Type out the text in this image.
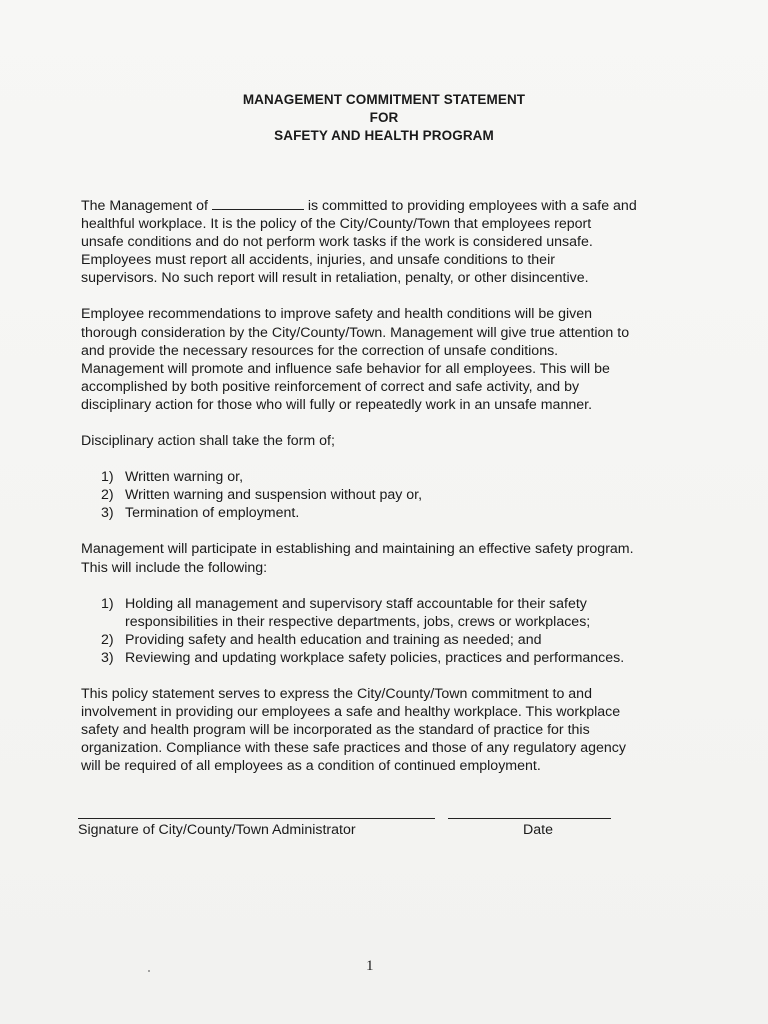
MANAGEMENT COMMITMENT STATEMENT
FOR
SAFETY AND HEALTH PROGRAM
The Management of	is committed to providing employees with a safe and
healthful workplace. It is the policy of the City/County/Town that employees report
unsafe conditions and do not perform work tasks if the work is considered unsafe.
Employees must report all accidents, injuries, and unsafe conditions to their
supervisors. No such report will result in retaliation, penalty, or other disincentive.
Employee recommendations to improve safety and health conditions will be given
thorough consideration by the City/County/Town. Management will give true attention to
and provide the necessary resources for the correction of unsafe conditions.
Management will promote and influence safe behavior for all employees. This will be
accomplished by both positive reinforcement of correct and safe activity, and by
disciplinary action for those who will fully or repeatedly work in an unsafe manner.
Disciplinary action shall take the form of;
1) Written warning or,
2) Written warning and suspension without pay or,
3) Termination of employment.
Management will participate in establishing and maintaining an effective safety program.
This will include the following:
1) Holding all management and supervisory staff accountable for their safety
responsibilities in their respective departments, jobs, crews or workplaces;
2) Providing safety and health education and training as needed; and
3) Reviewing and updating workplace safety policies, practices and performances.
This policy statement serves to express the City/County/Town commitment to and
involvement in providing our employees a safe and healthy workplace. This workplace
safety and health program will be incorporated as the standard of practice for this
organization. Compliance with these safe practices and those of any regulatory agency
will be required of all employees as a condition of continued employment.
Signature of City/County/Town Administrator	Date
1
